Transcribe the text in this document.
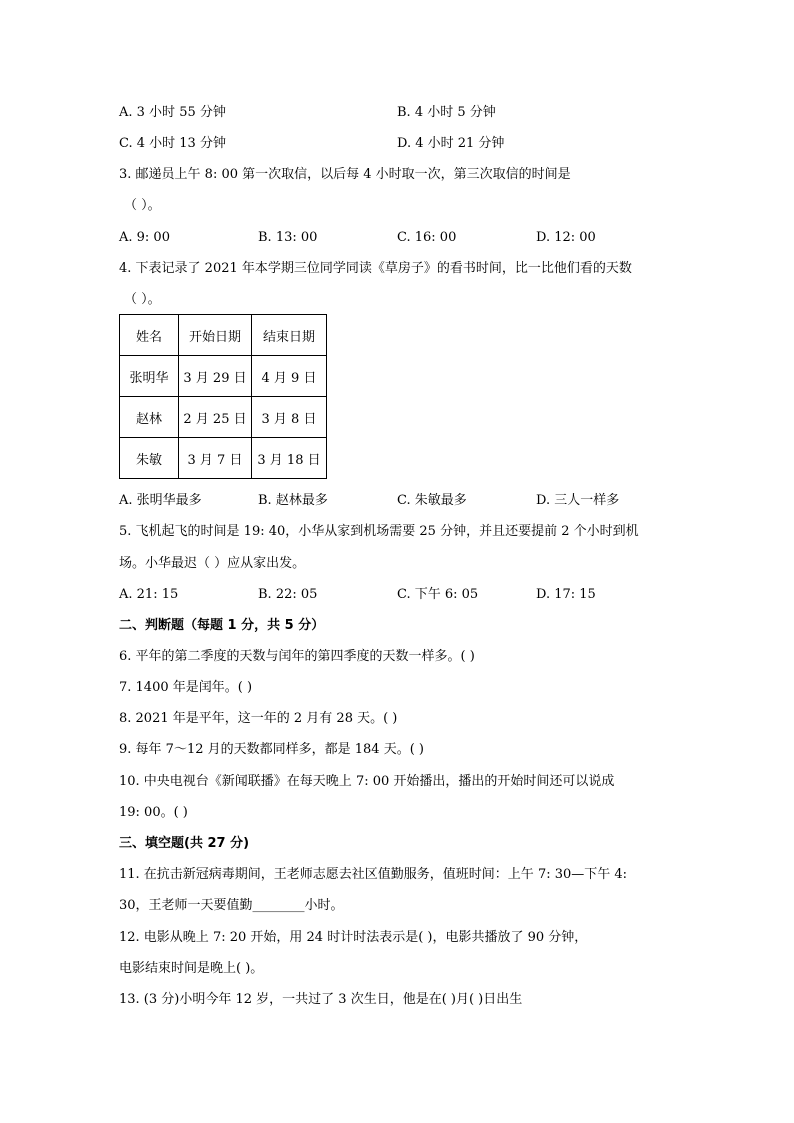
A. 3 小时 55 分钟	B. 4 小时 5 分钟
C. 4 小时 13 分钟	D. 4 小时 21 分钟
3. 邮递员上午 8: 00 第一次取信，以后每 4 小时取一次，第三次取信的时间是
（ ）。
A. 9: 00	B. 13: 00	C. 16: 00	D. 12: 00
4. 下表记录了 2021 年本学期三位同学同读《草房子》的看书时间，比一比他们看的天数
（ ）。
姓名	开始日期	结束日期
张明华	3 月 29 日	4 月 9 日
赵林	2 月 25 日	3 月 8 日
朱敏	3 月 7 日	3 月 18 日
A. 张明华最多	B. 赵林最多	C. 朱敏最多	D. 三人一样多
5. 飞机起飞的时间是 19: 40，小华从家到机场需要 25 分钟，并且还要提前 2 个小时到机
场。小华最迟（ ）应从家出发。
A. 21: 15	B. 22: 05	C. 下午 6: 05	D. 17: 15
二、判断题（每题 1 分，共 5 分）
6. 平年的第二季度的天数与闰年的第四季度的天数一样多。( )
7. 1400 年是闰年。( )
8. 2021 年是平年，这一年的 2 月有 28 天。( )
9. 每年 7～12 月的天数都同样多，都是 184 天。( )
10. 中央电视台《新闻联播》在每天晚上 7: 00 开始播出，播出的开始时间还可以说成
19: 00。( )
三、填空题(共 27 分)
11. 在抗击新冠病毒期间，王老师志愿去社区值勤服务，值班时间：上午 7: 30—下午 4:
30，王老师一天要值勤________小时。
12. 电影从晚上 7: 20 开始，用 24 时计时法表示是( )，电影共播放了 90 分钟，
电影结束时间是晚上( )。
13. (3 分)小明今年 12 岁，一共过了 3 次生日，他是在( )月( )日出生
